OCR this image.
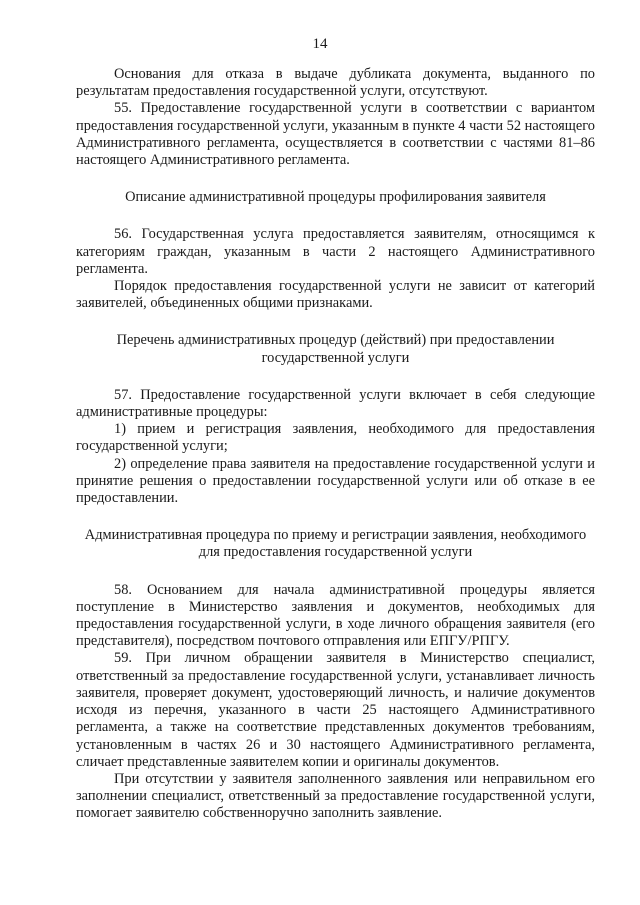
14

Основания для отказа в выдаче дубликата документа, выданного по результатам предоставления государственной услуги, отсутствуют.

55. Предоставление государственной услуги в соответствии с вариантом предоставления государственной услуги, указанным в пункте 4 части 52 настоящего Административного регламента, осуществляется в соответствии с частями 81–86 настоящего Административного регламента.

Описание административной процедуры профилирования заявителя

56. Государственная услуга предоставляется заявителям, относящимся к категориям граждан, указанным в части 2 настоящего Административного регламента.

Порядок предоставления государственной услуги не зависит от категорий заявителей, объединенных общими признаками.

Перечень административных процедур (действий) при предоставлении государственной услуги

57. Предоставление государственной услуги включает в себя следующие административные процедуры:

1) прием и регистрация заявления, необходимого для предоставления государственной услуги;

2) определение права заявителя на предоставление государственной услуги и принятие решения о предоставлении государственной услуги или об отказе в ее предоставлении.

Административная процедура по приему и регистрации заявления, необходимого для предоставления государственной услуги

58. Основанием для начала административной процедуры является поступление в Министерство заявления и документов, необходимых для предоставления государственной услуги, в ходе личного обращения заявителя (его представителя), посредством почтового отправления или ЕПГУ/РПГУ.

59. При личном обращении заявителя в Министерство специалист, ответственный за предоставление государственной услуги, устанавливает личность заявителя, проверяет документ, удостоверяющий личность, и наличие документов исходя из перечня, указанного в части 25 настоящего Административного регламента, а также на соответствие представленных документов требованиям, установленным в частях 26 и 30 настоящего Административного регламента, сличает представленные заявителем копии и оригиналы документов.

При отсутствии у заявителя заполненного заявления или неправильном его заполнении специалист, ответственный за предоставление государственной услуги, помогает заявителю собственноручно заполнить заявление.
